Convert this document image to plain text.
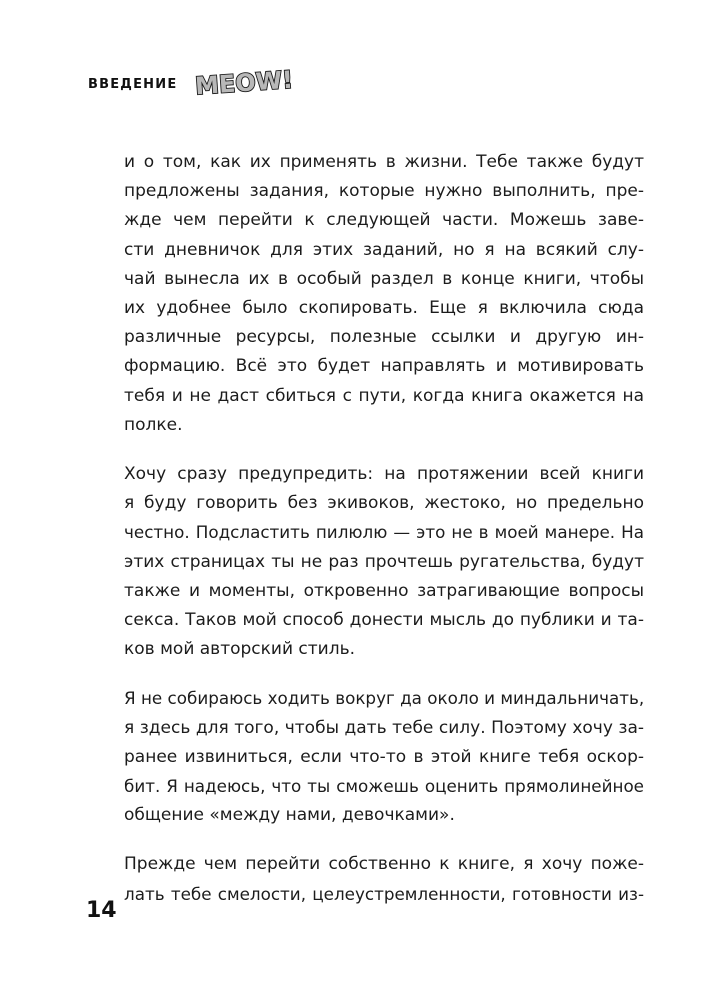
ВВЕДЕНИЕ MEOW!

и о том, как их применять в жизни. Тебе также будут
предложены задания, которые нужно выполнить, пре-
жде чем перейти к следующей части. Можешь заве-
сти дневничок для этих заданий, но я на всякий слу-
чай вынесла их в особый раздел в конце книги, чтобы
их удобнее было скопировать. Еще я включила сюда
различные ресурсы, полезные ссылки и другую ин-
формацию. Всё это будет направлять и мотивировать
тебя и не даст сбиться с пути, когда книга окажется на
полке.

Хочу сразу предупредить: на протяжении всей книги
я буду говорить без экивоков, жестоко, но предельно
честно. Подсластить пилюлю — это не в моей манере. На
этих страницах ты не раз прочтешь ругательства, будут
также и моменты, откровенно затрагивающие вопросы
секса. Таков мой способ донести мысль до публики и та-
ков мой авторский стиль.

Я не собираюсь ходить вокруг да около и миндальничать,
я здесь для того, чтобы дать тебе силу. Поэтому хочу за-
ранее извиниться, если что-то в этой книге тебя оскор-
бит. Я надеюсь, что ты сможешь оценить прямолинейное
общение «между нами, девочками».

Прежде чем перейти собственно к книге, я хочу поже-
лать тебе смелости, целеустремленности, готовности из-

14
